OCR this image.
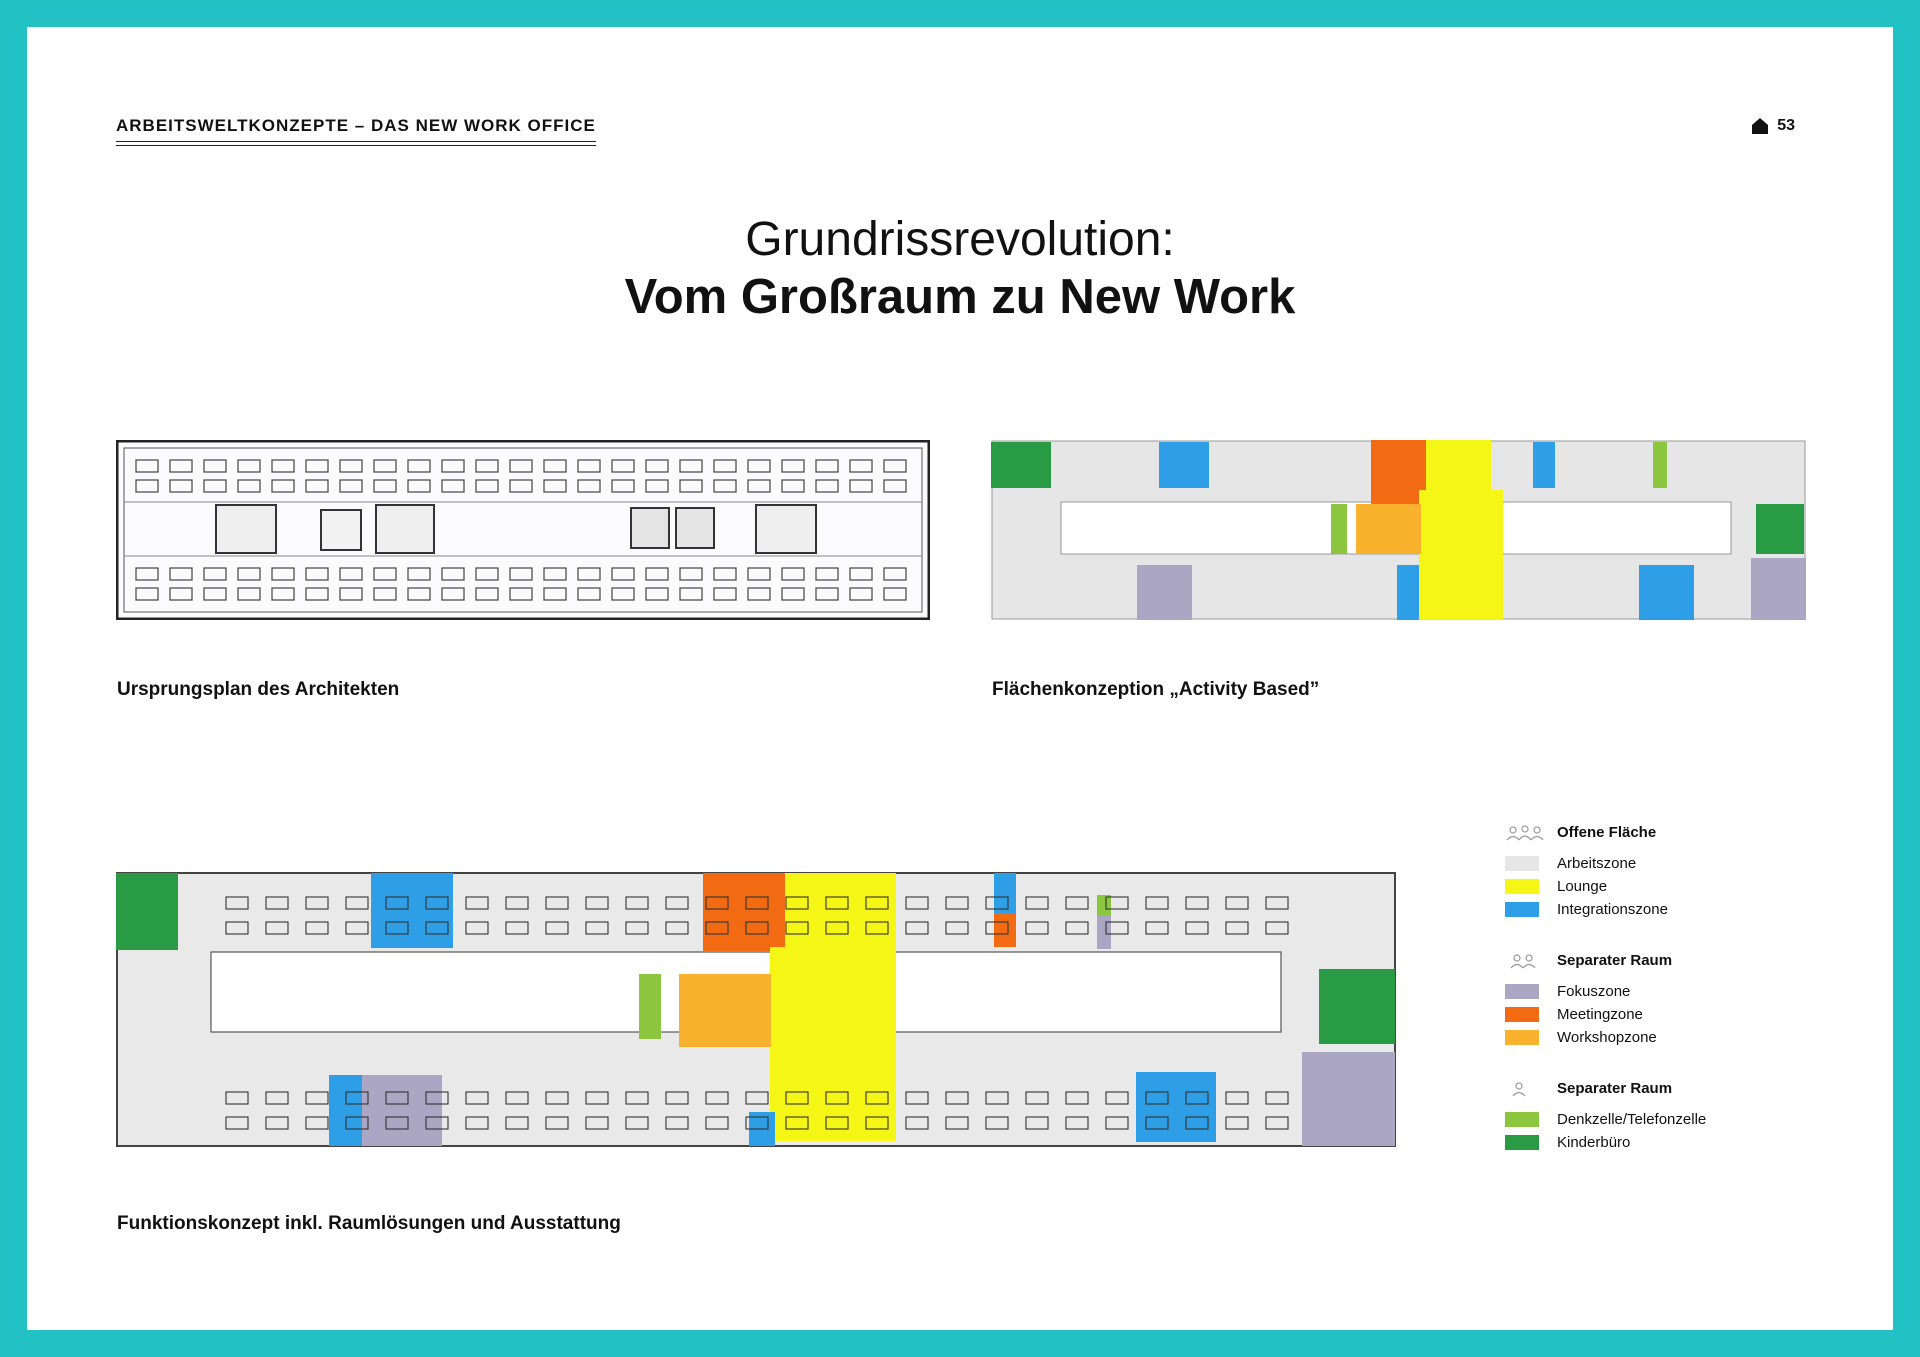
ARBEITSWELTKONZEPTE – DAS NEW WORK OFFICE	53
Grundrissrevolution:
Vom Großraum zu New Work
Ursprungsplan des Architekten	Flächenkonzeption „Activity Based”
Funktionskonzept inkl. Raumlösungen und Ausstattung
Offene Fläche
Arbeitszone
Lounge
Integrationszone
Separater Raum
Fokuszone
Meetingzone
Workshopzone
Separater Raum
Denkzelle/Telefonzelle
Kinderbüro
